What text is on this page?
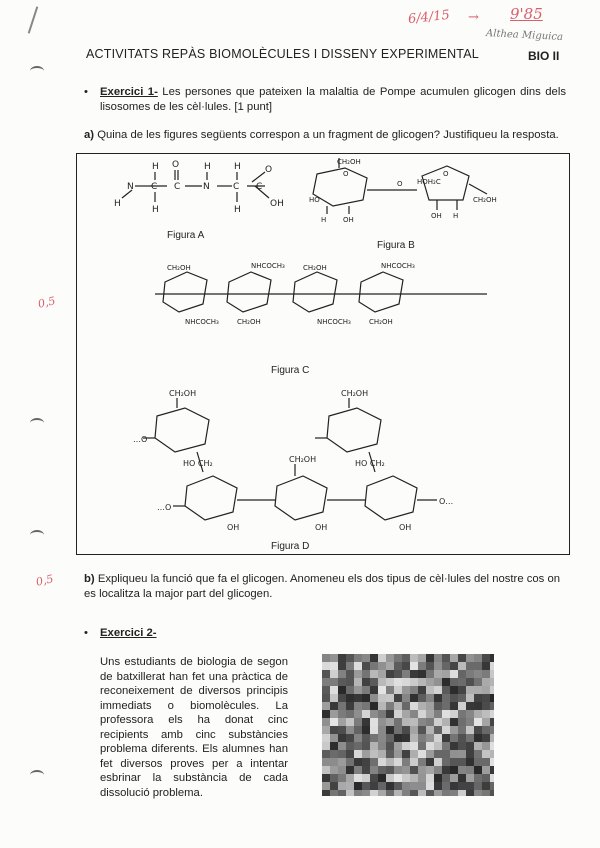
6/4/15 → 9'85
Althea Miguica
ACTIVITATS REPÀS BIOMOLÈCULES I DISSENY EXPERIMENTAL	BIO II
• Exercici 1- Les persones que pateixen la malaltia de Pompe acumulen glicogen dins dels lisosomes de les cèl·lules. [1 punt]
a) Quina de les figures següents correspon a un fragment de glicogen? Justifiqueu la resposta.
N C C	N	C C
H O	H	H
H	H
O
OH
H
CH₂OH
O
O HOH₂C
O
CH₂OH
HO
H OH	OH H
CH₂OH	NHCOCH₃	CH₂OH	NHCOCH₃
NHCOCH₃	CH₂OH	NHCOCH₃	CH₂OH
CH₂OH	CH₂OH
CH₂OH
HO CH₂	HO CH₂
OH	OH	OH
…O
O…
…O
Figura A
Figura B
Figura C
Figura D
0,5
0,5	b) Expliqueu la funció que fa el glicogen. Anomeneu els dos tipus de cèl·lules del nostre cos on es localitza la major part del glicogen.
• Exercici 2-
Uns estudiants de biologia de segon de batxillerat han fet una pràctica de reconeixement de diversos principis immediats o biomolècules. La professora els ha donat cinc recipients amb cinc substàncies problema diferents. Els alumnes han fet diversos proves per a intentar esbrinar la substància de cada dissolució problema.
